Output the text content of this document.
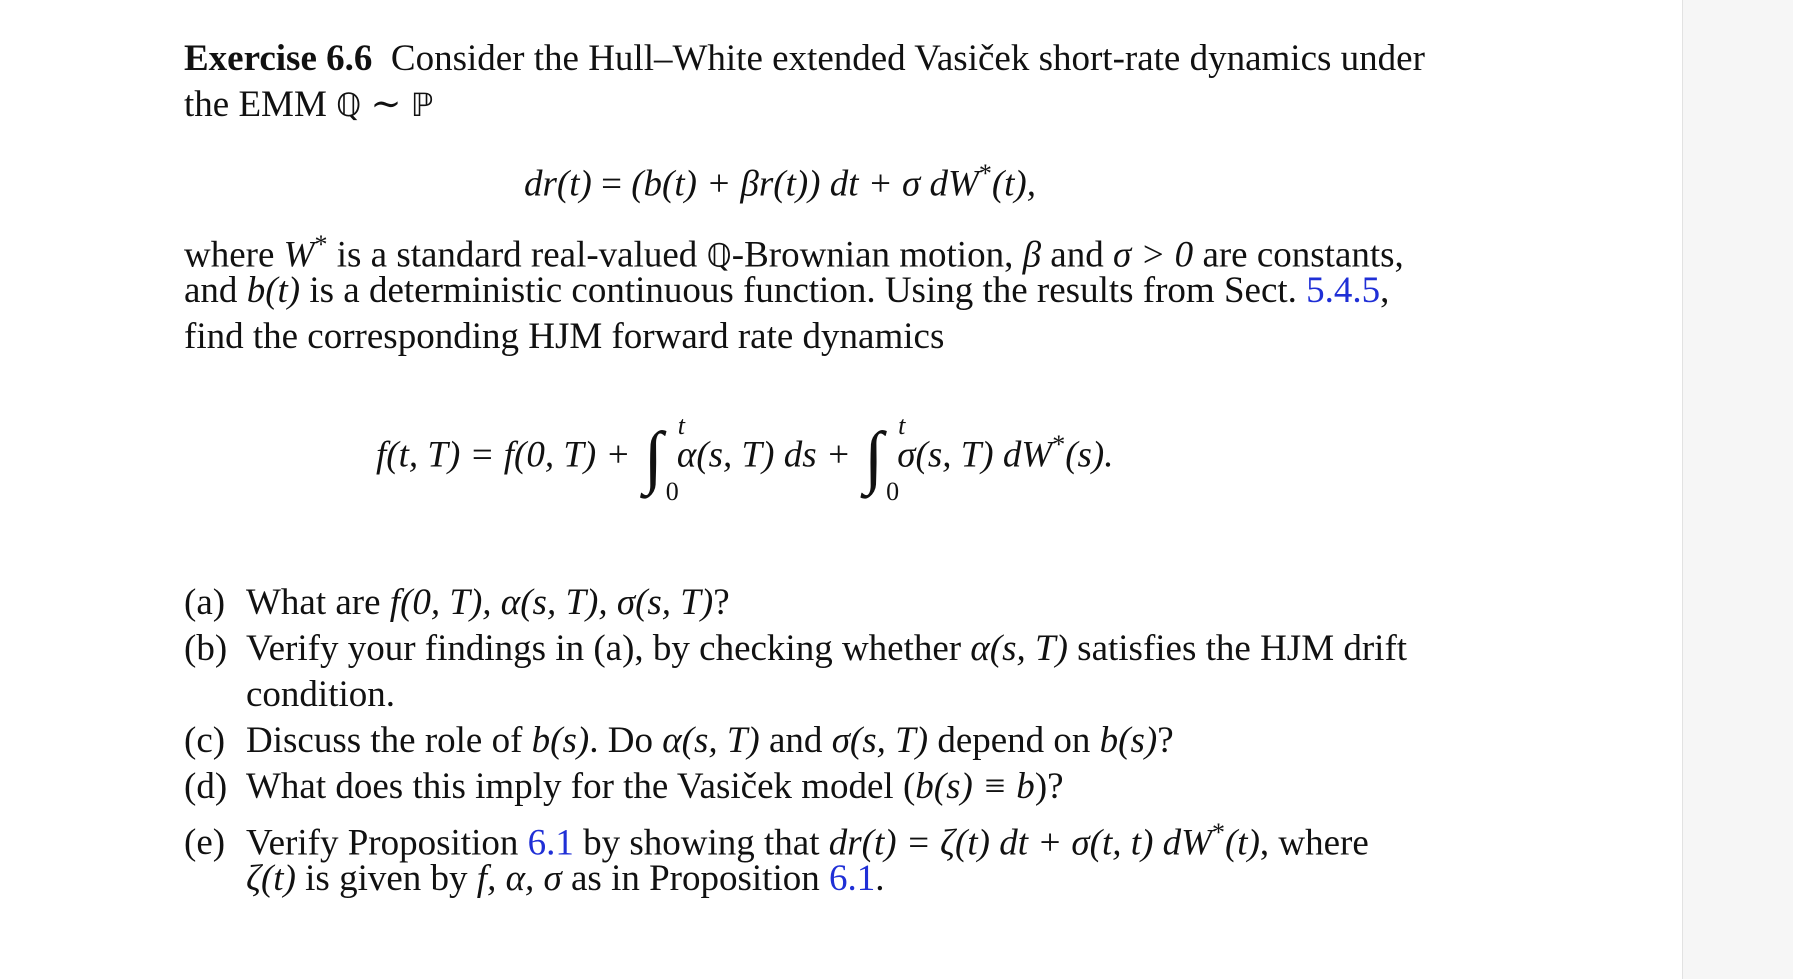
Exercise 6.6 Consider the Hull–White extended Vasiček short-rate dynamics under
the EMM ℚ ∼ ℙ
dr(t) = (b(t) + βr(t)) dt + σ dW*(t),
where W* is a standard real-valued ℚ-Brownian motion, β and σ > 0 are constants,
and b(t) is a deterministic continuous function. Using the results from Sect. 5.4.5,
find the corresponding HJM forward rate dynamics
f(t, T) = f(0, T) + ∫ t
0
α(s, T) ds + ∫ t
0
σ(s, T) dW*(s).
(a) What are f(0, T), α(s, T), σ(s, T)?
(b) Verify your findings in (a), by checking whether α(s, T) satisfies the HJM drift
condition.
(c) Discuss the role of b(s). Do α(s, T) and σ(s, T) depend on b(s)?
(d) What does this imply for the Vasiček model (b(s) ≡ b)?
(e) Verify Proposition 6.1 by showing that dr(t) = ζ(t) dt + σ(t, t) dW*(t), where
ζ(t) is given by f, α, σ as in Proposition 6.1.
